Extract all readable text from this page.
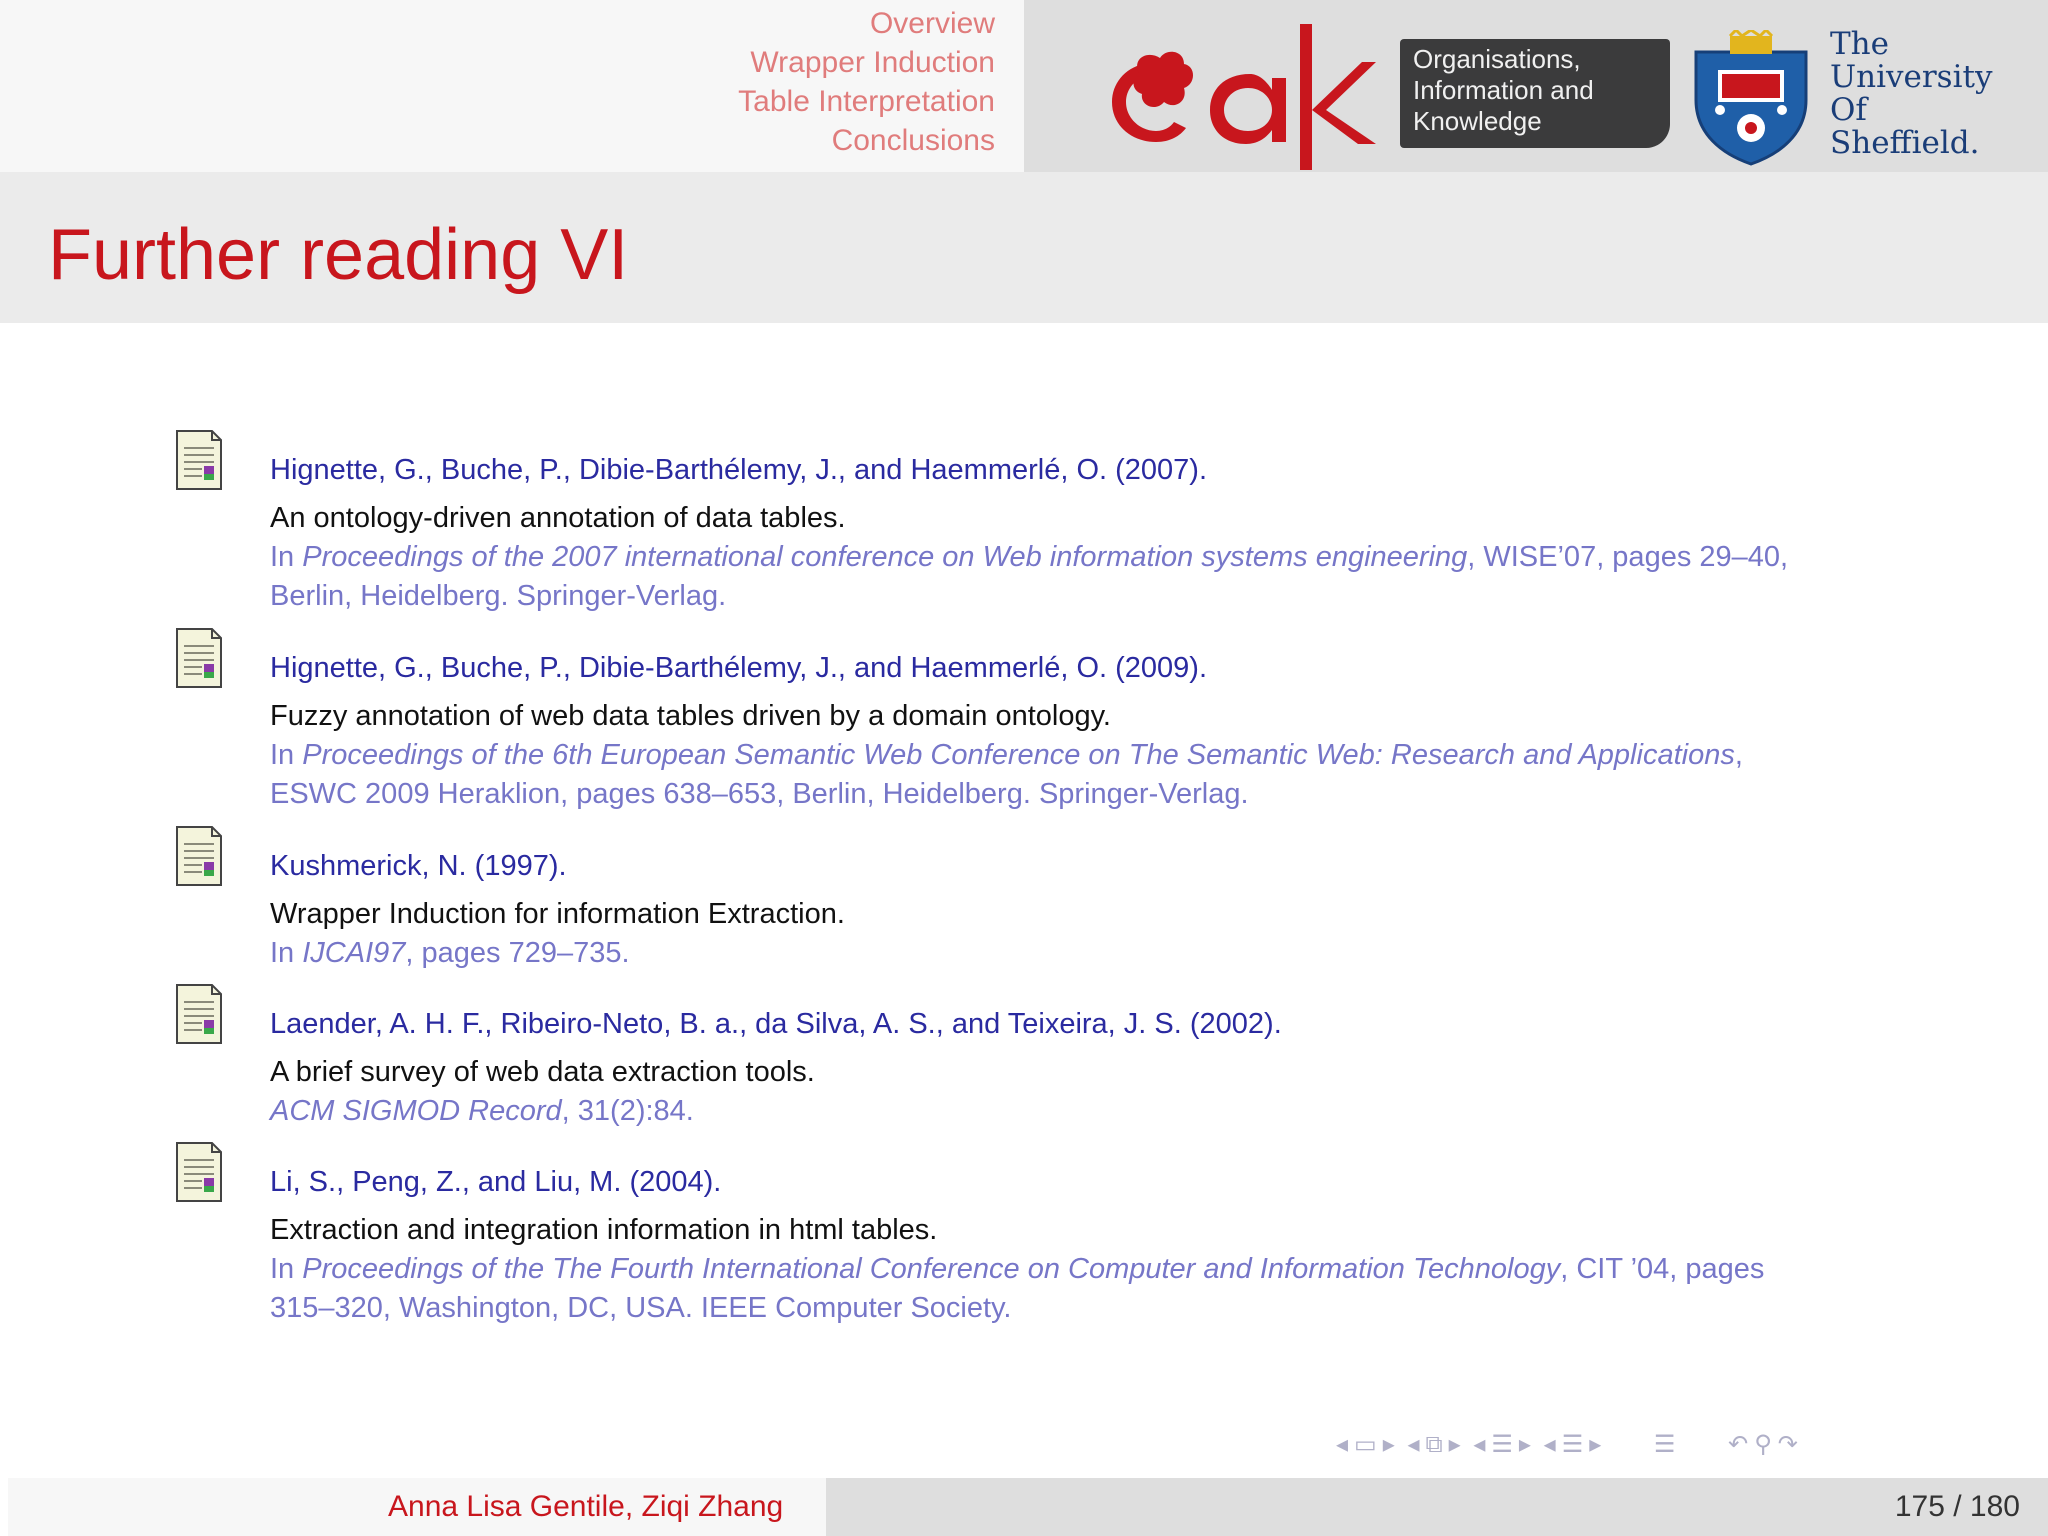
Overview
Wrapper Induction
Table Interpretation
Conclusions
Organisations,
Information and
Knowledge
The
University
Of
Sheffield.
Further reading VI
Hignette, G., Buche, P., Dibie-Barthélemy, J., and Haemmerlé, O. (2007).
An ontology-driven annotation of data tables.
In Proceedings of the 2007 international conference on Web information systems engineering, WISE’07, pages 29–40,
Berlin, Heidelberg. Springer-Verlag.
Hignette, G., Buche, P., Dibie-Barthélemy, J., and Haemmerlé, O. (2009).
Fuzzy annotation of web data tables driven by a domain ontology.
In Proceedings of the 6th European Semantic Web Conference on The Semantic Web: Research and Applications,
ESWC 2009 Heraklion, pages 638–653, Berlin, Heidelberg. Springer-Verlag.
Kushmerick, N. (1997).
Wrapper Induction for information Extraction.
In IJCAI97, pages 729–735.
Laender, A. H. F., Ribeiro-Neto, B. a., da Silva, A. S., and Teixeira, J. S. (2002).
A brief survey of web data extraction tools.
ACM SIGMOD Record, 31(2):84.
Li, S., Peng, Z., and Liu, M. (2004).
Extraction and integration information in html tables.
In Proceedings of the The Fourth International Conference on Computer and Information Technology, CIT ’04, pages
315–320, Washington, DC, USA. IEEE Computer Society.
◂ ▭ ▸ ◂ ⧉ ▸ ◂ ☰ ▸ ◂ ☰ ▸ ☰ ↶ ⚲ ↷
Anna Lisa Gentile, Ziqi Zhang	175 / 180
